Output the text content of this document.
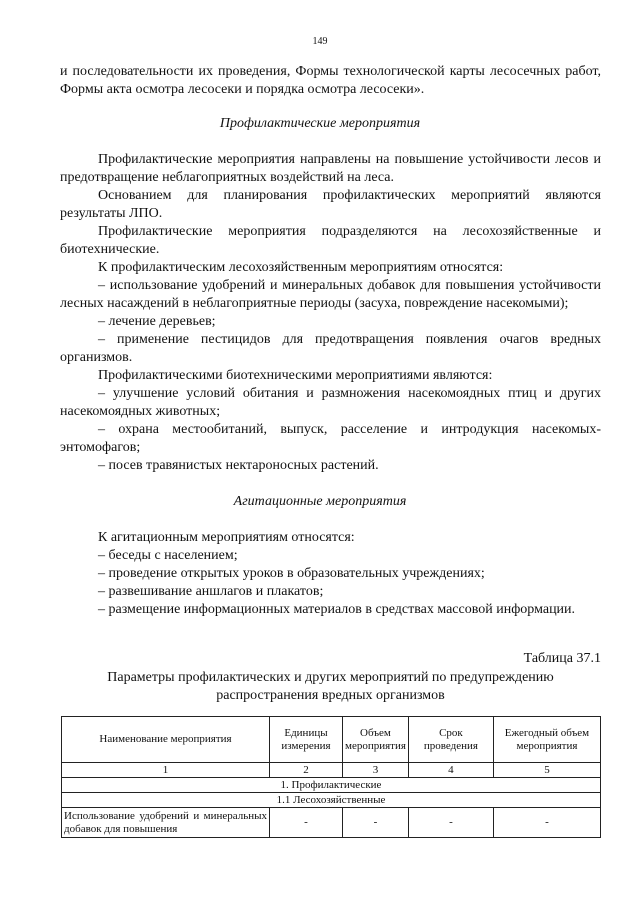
149

и последовательности их проведения, Формы технологической карты лесосечных работ, Формы акта осмотра лесосеки и порядка осмотра лесосеки».

Профилактические мероприятия

Профилактические мероприятия направлены на повышение устойчивости лесов и предотвращение неблагоприятных воздействий на леса.

Основанием для планирования профилактических мероприятий являются результаты ЛПО.

Профилактические мероприятия подразделяются на лесохозяйственные и биотехнические.

К профилактическим лесохозяйственным мероприятиям относятся:

– использование удобрений и минеральных добавок для повышения устойчивости лесных насаждений в неблагоприятные периоды (засуха, повреждение насекомыми);

– лечение деревьев;

– применение пестицидов для предотвращения появления очагов вредных организмов.

Профилактическими биотехническими мероприятиями являются:

– улучшение условий обитания и размножения насекомоядных птиц и других насекомоядных животных;

– охрана местообитаний, выпуск, расселение и интродукция насекомых-энтомофагов;

– посев травянистых нектароносных растений.

Агитационные мероприятия

К агитационным мероприятиям относятся:

– беседы с населением;

– проведение открытых уроков в образовательных учреждениях;

– развешивание аншлагов и плакатов;

– размещение информационных материалов в средствах массовой информации.

Таблица 37.1
Параметры профилактических и других мероприятий по предупреждению распространения вредных организмов
Наименование мероприятия	Единицы измерения	Объем мероприятия	Срок проведения	Ежегодный объем мероприятия
1	2	3	4	5
1. Профилактические				
1.1 Лесохозяйственные				
Использование удобрений и минеральных добавок для повышения	-	-	-	-
